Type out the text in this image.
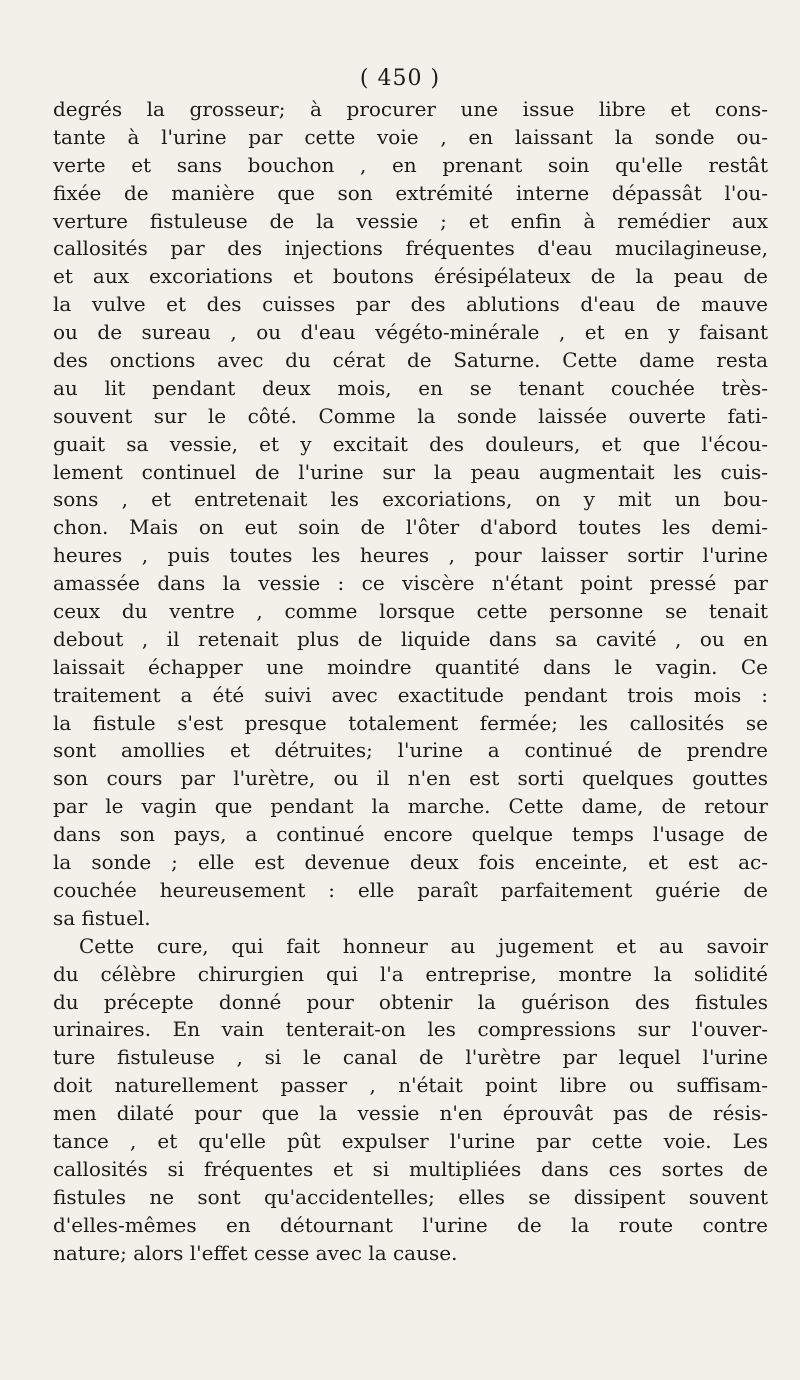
( 450 )
degrés la grosseur; à procurer une issue libre et cons-
tante à l'urine par cette voie , en laissant la sonde ou-
verte et sans bouchon , en prenant soin qu'elle restât
fixée de manière que son extrémité interne dépassât l'ou-
verture fistuleuse de la vessie ; et enfin à remédier aux
callosités par des injections fréquentes d'eau mucilagineuse,
et aux excoriations et boutons érésipélateux de la peau de
la vulve et des cuisses par des ablutions d'eau de mauve
ou de sureau , ou d'eau végéto-minérale , et en y faisant
des onctions avec du cérat de Saturne. Cette dame resta
au lit pendant deux mois, en se tenant couchée très-
souvent sur le côté. Comme la sonde laissée ouverte fati-
guait sa vessie, et y excitait des douleurs, et que l'écou-
lement continuel de l'urine sur la peau augmentait les cuis-
sons , et entretenait les excoriations, on y mit un bou-
chon. Mais on eut soin de l'ôter d'abord toutes les demi-
heures , puis toutes les heures , pour laisser sortir l'urine
amassée dans la vessie : ce viscère n'étant point pressé par
ceux du ventre , comme lorsque cette personne se tenait
debout , il retenait plus de liquide dans sa cavité , ou en
laissait échapper une moindre quantité dans le vagin. Ce
traitement a été suivi avec exactitude pendant trois mois :
la fistule s'est presque totalement fermée; les callosités se
sont amollies et détruites; l'urine a continué de prendre
son cours par l'urètre, ou il n'en est sorti quelques gouttes
par le vagin que pendant la marche. Cette dame, de retour
dans son pays, a continué encore quelque temps l'usage de
la sonde ; elle est devenue deux fois enceinte, et est ac-
couchée heureusement : elle paraît parfaitement guérie de
sa fistuel.
Cette cure, qui fait honneur au jugement et au savoir
du célèbre chirurgien qui l'a entreprise, montre la solidité
du précepte donné pour obtenir la guérison des fistules
urinaires. En vain tenterait-on les compressions sur l'ouver-
ture fistuleuse , si le canal de l'urètre par lequel l'urine
doit naturellement passer , n'était point libre ou suffisam-
men dilaté pour que la vessie n'en éprouvât pas de résis-
tance , et qu'elle pût expulser l'urine par cette voie. Les
callosités si fréquentes et si multipliées dans ces sortes de
fistules ne sont qu'accidentelles; elles se dissipent souvent
d'elles-mêmes en détournant l'urine de la route contre
nature; alors l'effet cesse avec la cause.
